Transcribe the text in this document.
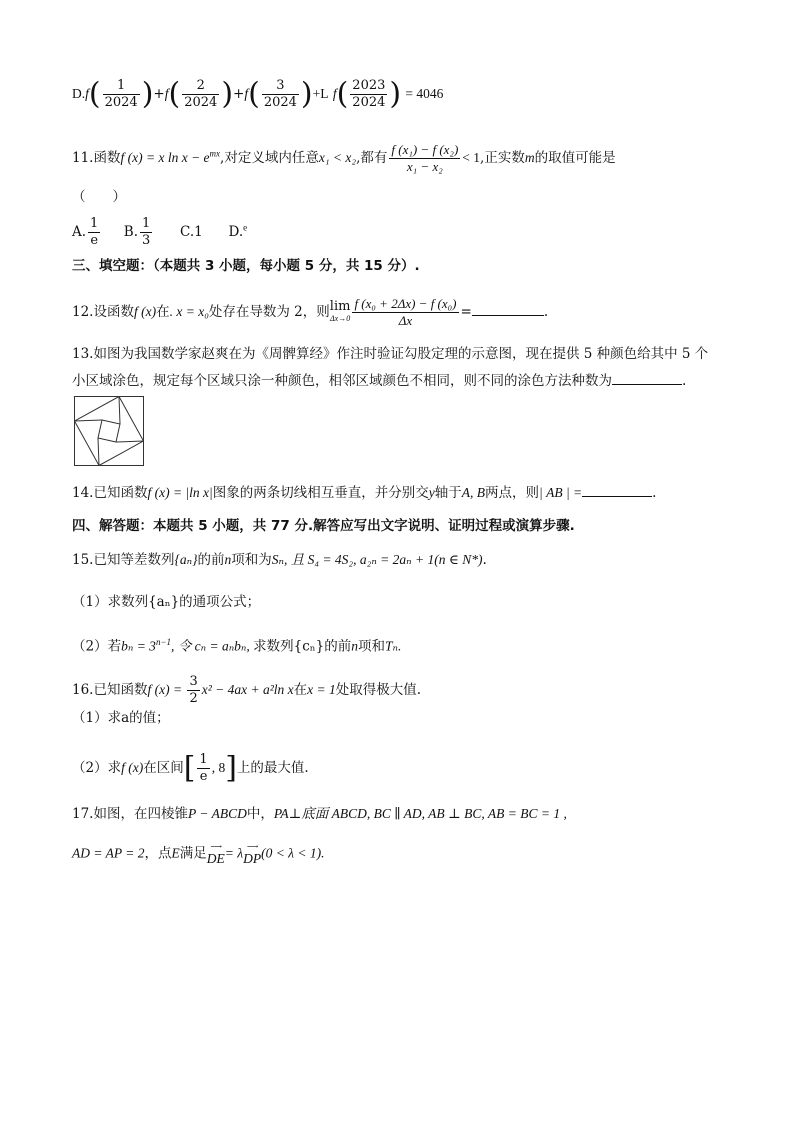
$D.f( \frac{1}{2024} )+f( \frac{2}{2024} )+f( \frac{3}{2024} )+L$ $f( \frac{2023}{2024}$ ) = 4046
11.函数f (x) = x $\ln x - e^{mx}$,对定义域内任意x₁ < x₂,都有 $\frac{\text{f (x₁) − f (x₂)}}{\text{x₁ − x₂}} < 1$,正实数m的取值可能是
（　　）
A. $\frac{1}{e} B$. $\frac{1}{3} C.1$ D.$^e$
三、填空题：（本题共 3 小题，每小题 5 分，共 15 分）.
12.设函数f (x)在. x = x₀处存在导数为 2，则 lim
$\Delta x\to 0 \frac{\text{f (x₀ + 2Δx) − f (x₀)}}{\Delta x}$ =	.
13.如图为我国数学家赵爽在为《周髀算经》作注时验证勾股定理的示意图，现在提供 5 种颜色给其中 5 个
小区域涂色，规定每个区域只涂一种颜色，相邻区域颜色不相同，则不同的涂色方法种数为	.
14.已知函数f (x) = |ln x|图象的两条切线相互垂直，并分别交y轴于A, B两点，则| AB | =	.
四、解答题：本题共 5 小题，共 77 分.解答应写出文字说明、证明过程或演算步骤.
15.已知等差数列{aₙ}的前n项和为Sₙ, 且 S₄ = 4S₂, a₂ₙ = 2aₙ + 1(n ∈ N*).
（1）求数列{aₙ}的通项公式；
（2）若$b_n = 3^{n-1}$, 令 cₙ = aₙbₙ, 求数列{cₙ}的前n项和Tₙ.
16.已知函数f $(x) = \frac{3}{2} x^2 - 4ax + a^2\ln$ x在x = 1处取得极大值.
（1）求a的值；
（2）求f (x)在区间[ $\frac{1}{e}$ , 8]上的最大值.
17.如图，在四棱锥P − ABCD中，PA⊥底面 ABCD, BC ∥ AD, AB ⊥ BC, AB = BC = 1 ,
AD = AP = 2，点E满足 ⟶
DE = λ ⟶
DP (0 < λ < 1).
